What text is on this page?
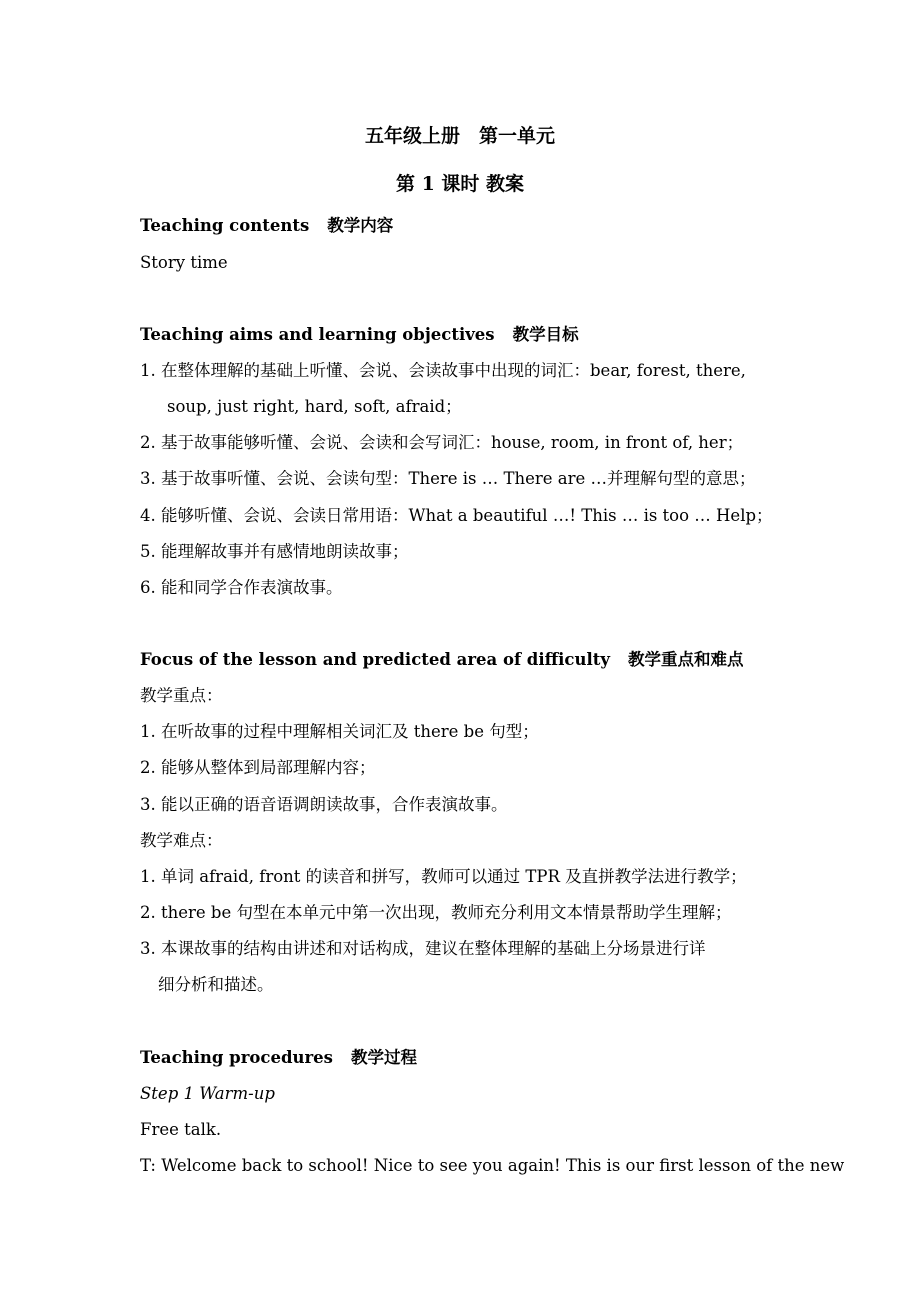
五年级上册　第一单元
第 1 课时 教案
Teaching contents 教学内容
Story time
Teaching aims and learning objectives 教学目标
1. 在整体理解的基础上听懂、会说、会读故事中出现的词汇：bear, forest, there,
soup, just right, hard, soft, afraid；
2. 基于故事能够听懂、会说、会读和会写词汇：house, room, in front of, her；
3. 基于故事听懂、会说、会读句型：There is … There are …并理解句型的意思；
4. 能够听懂、会说、会读日常用语：What a beautiful …! This … is too … Help；
5. 能理解故事并有感情地朗读故事；
6. 能和同学合作表演故事。
Focus of the lesson and predicted area of difficulty 教学重点和难点
教学重点：
1. 在听故事的过程中理解相关词汇及 there be 句型；
2. 能够从整体到局部理解内容；
3. 能以正确的语音语调朗读故事，合作表演故事。
教学难点：
1. 单词 afraid, front 的读音和拼写，教师可以通过 TPR 及直拼教学法进行教学；
2. there be 句型在本单元中第一次出现，教师充分利用文本情景帮助学生理解；
3. 本课故事的结构由讲述和对话构成，建议在整体理解的基础上分场景进行详
细分析和描述。
Teaching procedures 教学过程
Step 1 Warm-up
Free talk.
T: Welcome back to school! Nice to see you again! This is our first lesson of the new
